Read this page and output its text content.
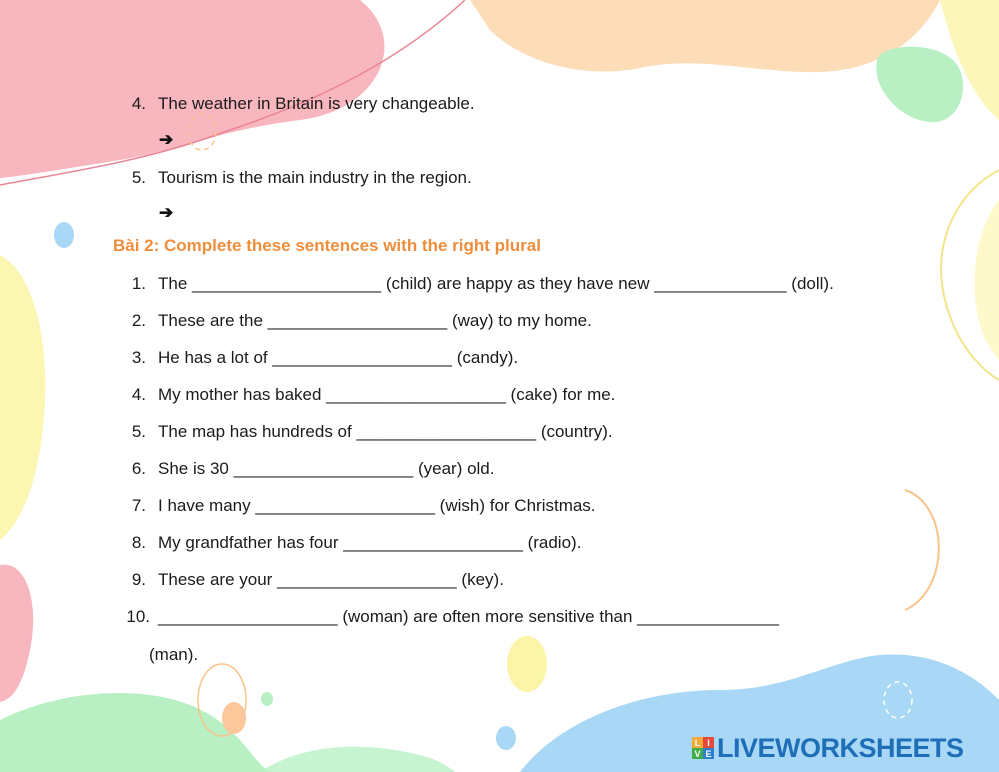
4. The weather in Britain is very changeable.
➔
5. Tourism is the main industry in the region.
➔
Bài 2: Complete these sentences with the right plural
1. The ____________________ (child) are happy as they have new ______________ (doll).
2. These are the ___________________ (way) to my home.
3. He has a lot of ___________________ (candy).
4. My mother has baked ___________________ (cake) for me.
5. The map has hundreds of ___________________ (country).
6. She is 30 ___________________ (year) old.
7. I have many ___________________ (wish) for Christmas.
8. My grandfather has four ___________________ (radio).
9. These are your ___________________ (key).
10. ___________________ (woman) are often more sensitive than _______________
(man).
L I
V E LIVEWORKSHEETS
